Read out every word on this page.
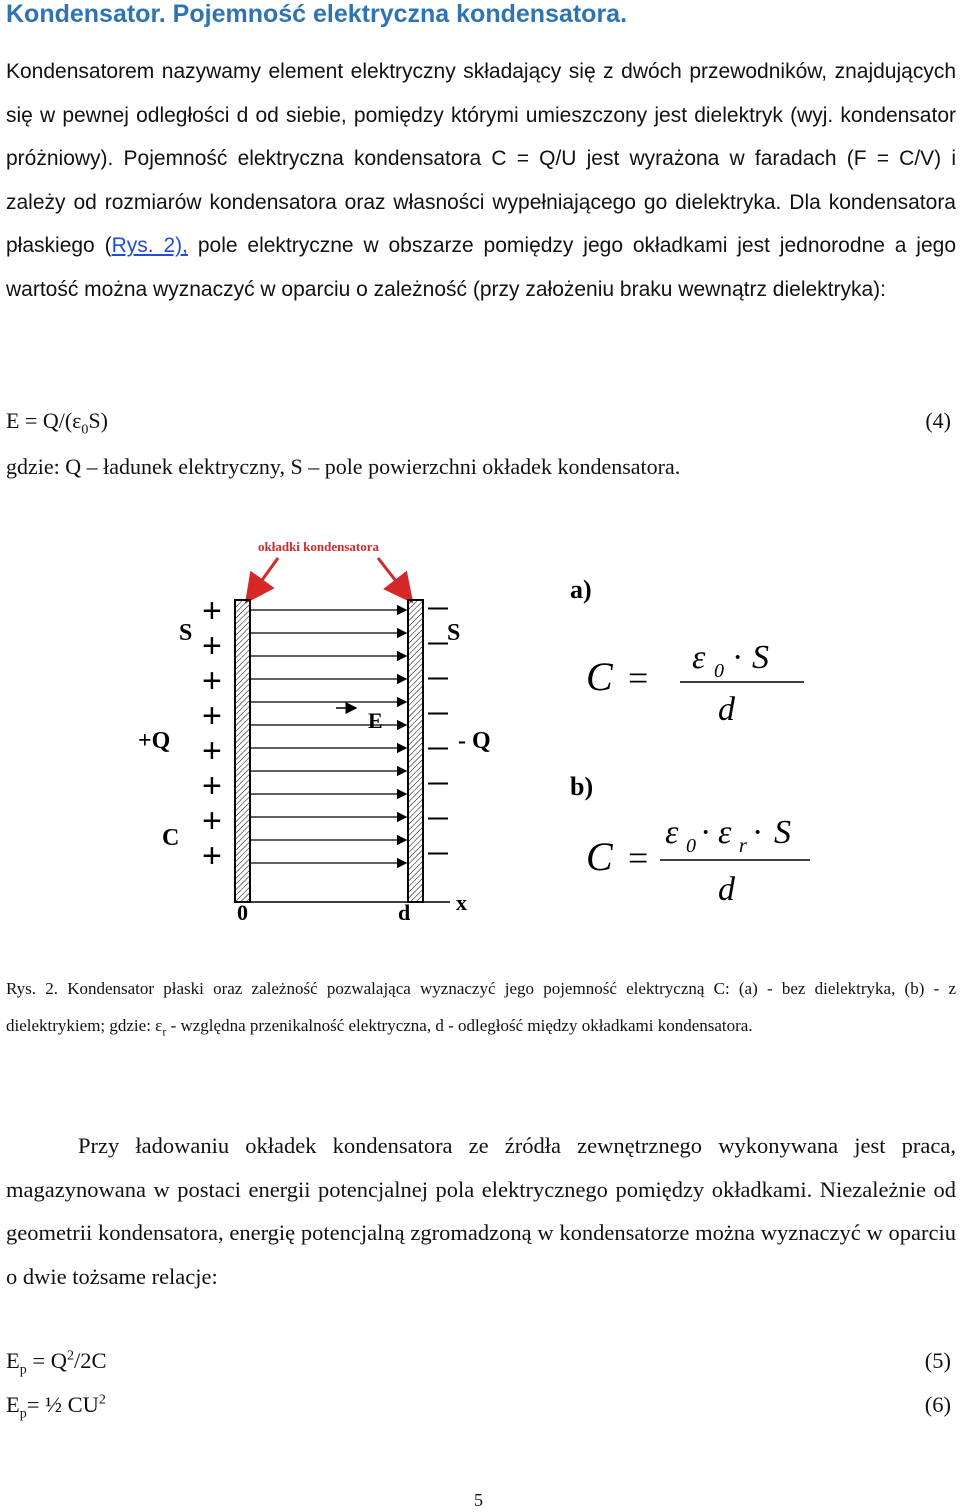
Kondensator. Pojemność elektryczna kondensatora.
Kondensatorem nazywamy element elektryczny składający się z dwóch przewodników, znajdujących się w pewnej odległości d od siebie, pomiędzy którymi umieszczony jest dielektryk (wyj. kondensator próżniowy). Pojemność elektryczna kondensatora C = Q/U jest wyrażona w faradach (F = C/V) i zależy od rozmiarów kondensatora oraz własności wypełniającego go dielektryka. Dla kondensatora płaskiego (Rys. 2), pole elektryczne w obszarze pomiędzy jego okładkami jest jednorodne a jego wartość można wyznaczyć w oparciu o zależność (przy założeniu braku wewnątrz dielektryka):
$E = Q/(\varepsilon_0S)$	(4)
gdzie: Q – ładunek elektryczny, S – pole powierzchni okładek kondensatora.
okładki kondensatora
E
+
+
+
+
+
+
+
+
—
—
—
—
—
—
—
—
S	S
+Q	- Q
C
0	d x
a)
C =
ε 0 · S
d
b)
C =
ε 0 · ε r · S
d
Rys. 2. Kondensator płaski oraz zależność pozwalająca wyznaczyć jego pojemność elektryczną C: (a) - bez dielektryka, (b) - z dielektrykiem; gdzie: $\varepsilon_r$ - względna przenikalność elektryczna, d - odległość między okładkami kondensatora.
Przy ładowaniu okładek kondensatora ze źródła zewnętrznego wykonywana jest praca, magazynowana w postaci energii potencjalnej pola elektrycznego pomiędzy okładkami. Niezależnie od geometrii kondensatora, energię potencjalną zgromadzoną w kondensatorze można wyznaczyć w oparciu o dwie tożsame relacje:
$E_p = Q^2/2C$	(5)
$E_p=$ ½ $CU^2$	(6)
5
